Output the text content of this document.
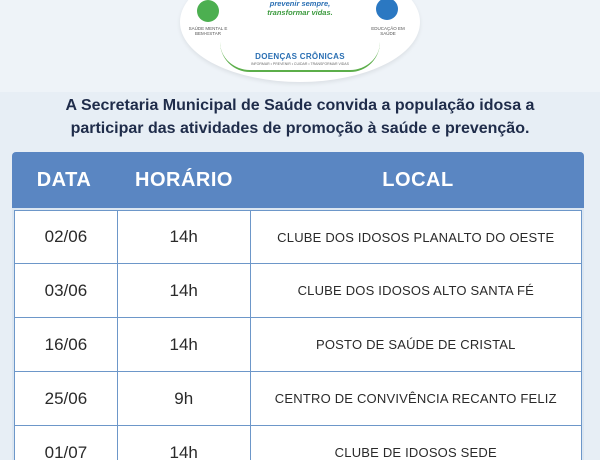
SAÚDE MENTAL E BEM-ESTAR
EDUCAÇÃO EM SAÚDE
prevenir sempre,
transformar vidas.
DOENÇAS CRÔNICAS
INFORMAR • PREVENIR • CUIDAR • TRANSFORMAR VIDAS
A Secretaria Municipal de Saúde convida a população idosa a
participar das atividades de promoção à saúde e prevenção.
DATA	HORÁRIO	LOCAL
02/06	14h	CLUBE DOS IDOSOS PLANALTO DO OESTE
03/06	14h	CLUBE DOS IDOSOS ALTO SANTA FÉ
16/06	14h	POSTO DE SAÚDE DE CRISTAL
25/06	9h	CENTRO DE CONVIVÊNCIA RECANTO FELIZ
01/07	14h	CLUBE DE IDOSOS SEDE
